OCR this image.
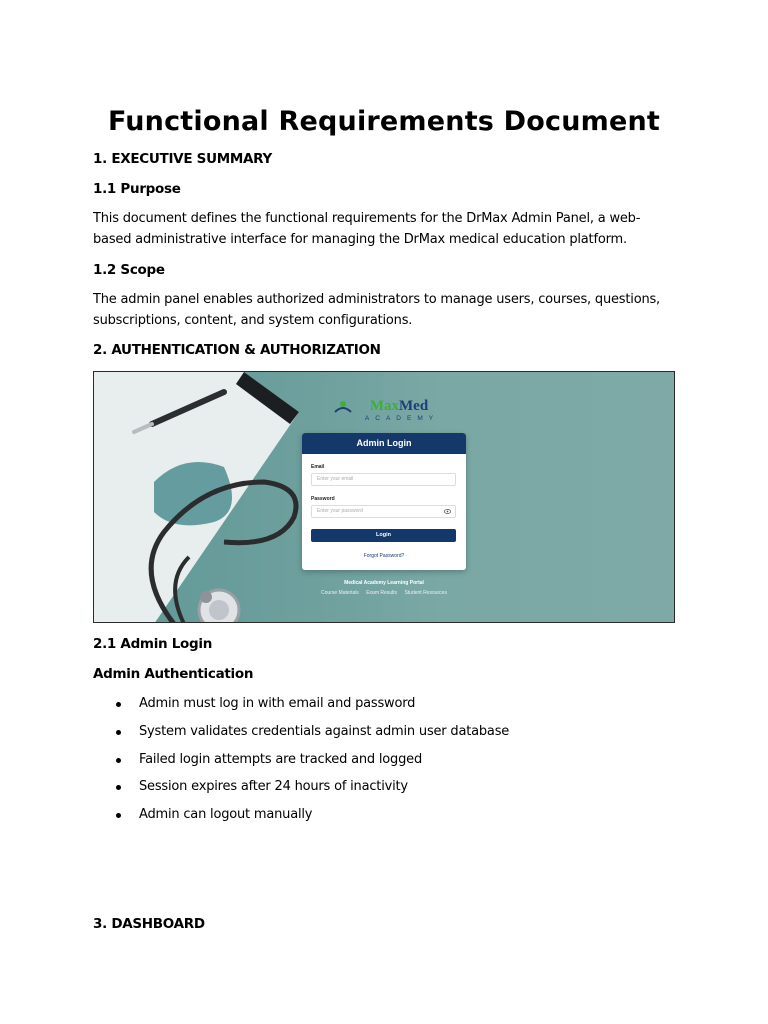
Functional Requirements Document
1. EXECUTIVE SUMMARY
1.1 Purpose

This document defines the functional requirements for the DrMax Admin Panel, a web-based administrative interface for managing the DrMax medical education platform.

1.2 Scope

The admin panel enables authorized administrators to manage users, courses, questions, subscriptions, content, and system configurations.

2. AUTHENTICATION & AUTHORIZATION
MaxMed
ACADEMY
Admin Login
Email
Enter your email
Password
Enter your password
Login
Forgot Password?
Medical Academy Learning Portal
Course Materials Exam Results Student Resources
2.1 Admin Login
Admin Authentication
Admin must log in with email and password
System validates credentials against admin user database
Failed login attempts are tracked and logged
Session expires after 24 hours of inactivity
Admin can logout manually
3. DASHBOARD
